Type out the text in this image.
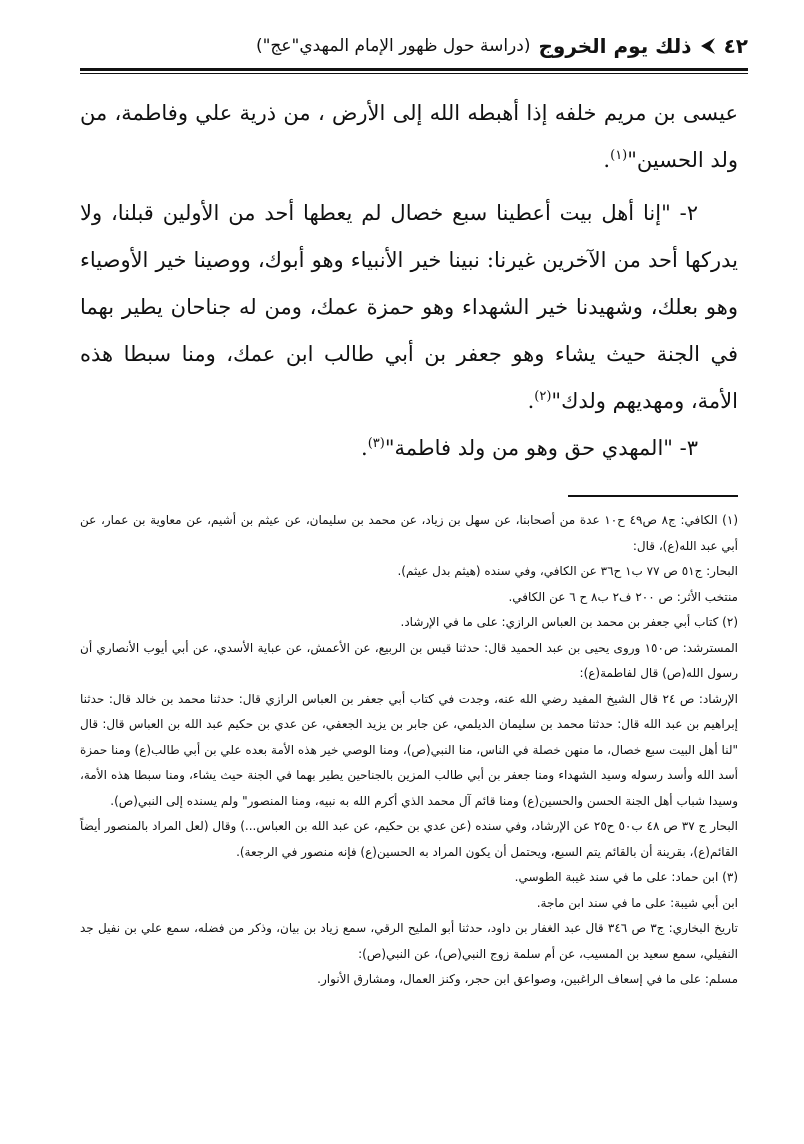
٤٢
ذلك يوم الخروج
(دراسة حول ظهور الإمام المهدي"عج")

عيسى بن مريم خلفه إذا أهبطه الله إلى الأرض ، من ذرية علي وفاطمة، من ولد الحسين"$^{(١)}$.

٢- "إنا أهل بيت أعطينا سبع خصال لم يعطها أحد من الأولين قبلنا، ولا يدركها أحد من الآخرين غيرنا: نبينا خير الأنبياء وهو أبوك، ووصينا خير الأوصياء وهو بعلك، وشهيدنا خير الشهداء وهو حمزة عمك، ومن له جناحان يطير بهما في الجنة حيث يشاء وهو جعفر بن أبي طالب ابن عمك، ومنا سبطا هذه الأمة، ومهديهم ولدك"$^{(٢)}$.

٣- "المهدي حق وهو من ولد فاطمة"$^{(٣)}$.

(١) الكافي: ج٨ ص٤٩ ح١٠ عدة من أصحابنا، عن سهل بن زياد، عن محمد بن سليمان، عن عيثم بن أشيم، عن معاوية بن عمار، عن أبي عبد الله(ع)، قال:

البحار: ج٥١ ص ٧٧ ب١ ح٣٦ عن الكافي، وفي سنده (هيثم بدل عيثم).

منتخب الأثر: ص ٢٠٠ ف٢ ب٨ ح ٦ عن الكافي.

(٢) كتاب أبي جعفر بن محمد بن العباس الرازي: على ما في الإرشاد.

المسترشد: ص١٥٠ وروى يحيى بن عبد الحميد قال: حدثنا قيس بن الربيع، عن الأعمش، عن عباية الأسدي، عن أبي أيوب الأنصاري أن رسول الله(ص) قال لفاطمة(ع):

الإرشاد: ص ٢٤ قال الشيخ المفيد رضي الله عنه، وجدت في كتاب أبي جعفر بن العباس الرازي قال: حدثنا محمد بن خالد قال: حدثنا إبراهيم بن عبد الله قال: حدثنا محمد بن سليمان الديلمي، عن جابر بن يزيد الجعفي، عن عدي بن حكيم عبد الله بن العباس قال: قال "لنا أهل البيت سبع خصال، ما منهن خصلة في الناس، منا النبي(ص)، ومنا الوصي خير هذه الأمة بعده علي بن أبي طالب(ع) ومنا حمزة أسد الله وأسد رسوله وسيد الشهداء ومنا جعفر بن أبي طالب المزين بالجناحين يطير بهما في الجنة حيث يشاء، ومنا سبطا هذه الأمة، وسيدا شباب أهل الجنة الحسن والحسين(ع) ومنا قائم آل محمد الذي أكرم الله به نبيه، ومنا المنصور" ولم يسنده إلى النبي(ص).

البحار ج ٣٧ ص ٤٨ ب٥٠ ح٢٥ عن الإرشاد، وفي سنده (عن عدي بن حكيم، عن عبد الله بن العباس...) وقال (لعل المراد بالمنصور أيضاً القائم(ع)، بقرينة أن بالقائم يتم السبع، ويحتمل أن يكون المراد به الحسين(ع) فإنه منصور في الرجعة).

(٣) ابن حماد: على ما في سند غيبة الطوسي.

ابن أبي شيبة: على ما في سند ابن ماجة.

تاريخ البخاري: ج٣ ص ٣٤٦ قال عبد الغفار بن داود، حدثنا أبو المليح الرقي، سمع زياد بن بيان، وذكر من فضله، سمع علي بن نفيل جد النفيلي، سمع سعيد بن المسيب، عن أم سلمة زوج النبي(ص)، عن النبي(ص):

مسلم: على ما في إسعاف الراغبين، وصواعق ابن حجر، وكنز العمال، ومشارق الأنوار.
